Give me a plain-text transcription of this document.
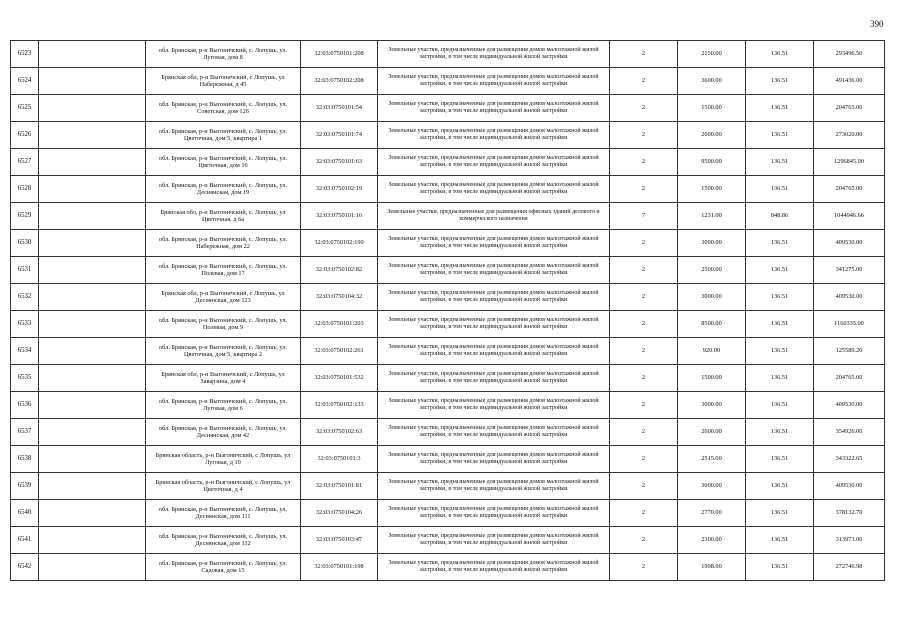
390
6523		обл. Брянская, р-н Выгоничский, с. Лопушь, ул. Луговая, дом 8	32:03:0750101:208	Земельные участки, предназначенные для размещения домов малоэтажной жилой застройки, в том числе индивидуальной жилой застройки	2	2150.00	136.51	293496.50
6524		Брянская обл, р-н Выгоничский, с Лопушь, ул Набережная, д 45	32:03:0750102:208	Земельные участки, предназначенные для размещения домов малоэтажной жилой застройки, в том числе индивидуальной жилой застройки	2	3600.00	136.51	491436.00
6525		обл. Брянская, р-н Выгоничский, с. Лопушь, ул. Советская, дом 126	32:03:0750101:54	Земельные участки, предназначенные для размещения домов малоэтажной жилой застройки, в том числе индивидуальной жилой застройки	2	1500.00	136.51	204765.00
6526		обл. Брянская, р-н Выгоничский, с. Лопушь, ул. Цветочная, дом 5, квартира 1	32:03:0750101:74	Земельные участки, предназначенные для размещения домов малоэтажной жилой застройки, в том числе индивидуальной жилой застройки	2	2000.00	136.51	273020.00
6527		обл. Брянская, р-н Выгоничский, с. Лопушь, ул. Цветочная, дом 16	32:03:0750101:63	Земельные участки, предназначенные для размещения домов малоэтажной жилой застройки, в том числе индивидуальной жилой застройки	2	9500.00	136.51	1296845.00
6528		обл. Брянская, р-н Выгоничский, с. Лопушь, ул. Деснянская, дом 19	32:03:0750102:19	Земельные участки, предназначенные для размещения домов малоэтажной жилой застройки, в том числе индивидуальной жилой застройки	2	1500.00	136.51	204765.00
6529		Брянская обл, р-н Выгоничский, с. Лопушь, ул Цветочная, д 6а	32:03:0750101:16	Земельные участки, предназначенные для размещения офисных зданий делового и коммерческого назначения	7	1231.00	848.86	1044946.66
6530		обл. Брянская, р-н Выгоничский, с. Лопушь, ул. Набережная, дом 22	32:03:0750102:190	Земельные участки, предназначенные для размещения домов малоэтажной жилой застройки, в том числе индивидуальной жилой застройки	2	3000.00	136.51	409530.00
6531		обл. Брянская, р-н Выгоничский, с. Лопушь, ул. Полевая, дом 17	32:03:0750102:82	Земельные участки, предназначенные для размещения домов малоэтажной жилой застройки, в том числе индивидуальной жилой застройки	2	2500.00	136.51	341275.00
6532		Брянская обл, р-н Выгоничский, с Лопушь, ул Деснянская, дом 123	32:03:0750104:32	Земельные участки, предназначенные для размещения домов малоэтажной жилой застройки, в том числе индивидуальной жилой застройки	2	3000.00	136.51	409530.00
6533		обл. Брянская, р-н Выгоничский, с. Лопушь, ул. Полевая, дом 9	32:03:0750101:203	Земельные участки, предназначенные для размещения домов малоэтажной жилой застройки, в том числе индивидуальной жилой застройки	2	8500.00	136.51	1160335.00
6534		обл. Брянская, р-н Выгоничский, с. Лопушь, ул. Цветочная, дом 5, квартира 2	32:03:0750102:261	Земельные участки, предназначенные для размещения домов малоэтажной жилой застройки, в том числе индивидуальной жилой застройки	2	920.00	136.51	125589.20
6535		Брянская обл, р-н Выгоничский, с Лопушь, ул Заварзина, дом 4	32:03:0750101:532	Земельные участки, предназначенные для размещения домов малоэтажной жилой застройки, в том числе индивидуальной жилой застройки	2	1500.00	136.51	204765.00
6536		обл. Брянская, р-н Выгоничский, с. Лопушь, ул. Луговая, дом 6	32:03:0750102:133	Земельные участки, предназначенные для размещения домов малоэтажной жилой застройки, в том числе индивидуальной жилой застройки	2	3000.00	136.51	409530.00
6537		обл. Брянская, р-н Выгоничский, с. Лопушь, ул. Деснянская, дом 42	32:03:0750102:63	Земельные участки, предназначенные для размещения домов малоэтажной жилой застройки, в том числе индивидуальной жилой застройки	2	2600.00	136.51	354926.00
6538		Брянская область, р-н Выгоничский, с Лопушь, ул Луговая, д 10	32:03:0750101:3	Земельные участки, предназначенные для размещения домов малоэтажной жилой застройки, в том числе индивидуальной жилой застройки	2	2515.00	136.51	343322.65
6539		Брянская область, р-н Выгоничский, с Лопушь, ул Цветочная, д 4	32:03:0750101:81	Земельные участки, предназначенные для размещения домов малоэтажной жилой застройки, в том числе индивидуальной жилой застройки	2	3000.00	136.51	409530.00
6540		обл. Брянская, р-н Выгоничский, с. Лопушь, ул. Деснянская, дом 111	32:03:0750104:26	Земельные участки, предназначенные для размещения домов малоэтажной жилой застройки, в том числе индивидуальной жилой застройки	2	2770.00	136.51	378132.70
6541		обл. Брянская, р-н Выгоничский, с. Лопушь, ул. Деснянская, дом 112	32:03:0750103:47	Земельные участки, предназначенные для размещения домов малоэтажной жилой застройки, в том числе индивидуальной жилой застройки	2	2300.00	136.51	313973.00
6542		обл. Брянская, р-н Выгоничский, с. Лопушь, ул. Садовая, дом 15	32:03:0750101:198	Земельные участки, предназначенные для размещения домов малоэтажной жилой застройки, в том числе индивидуальной жилой застройки	2	1998.00	136.51	272746.98
